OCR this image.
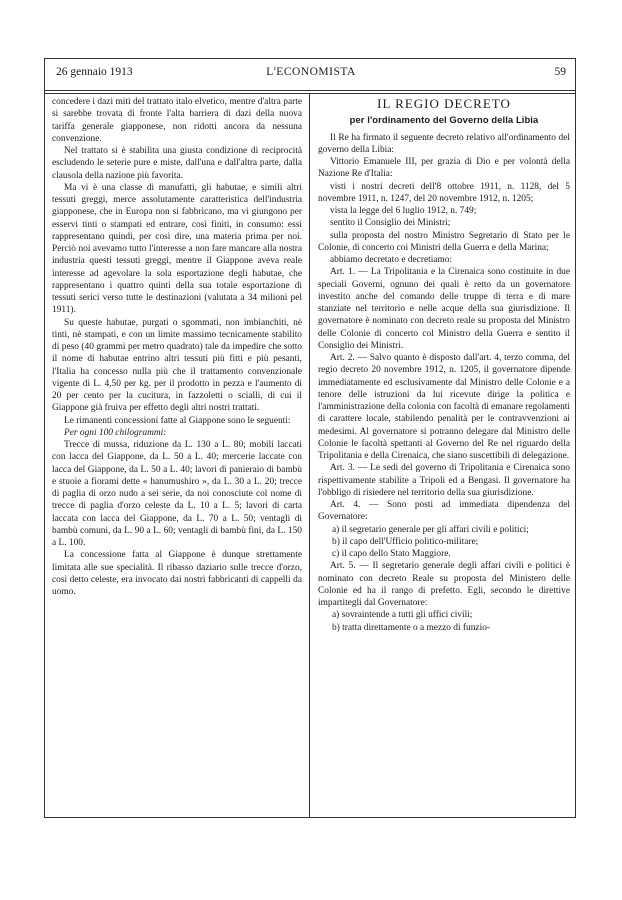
26 gennaio 1913	L'ECONOMISTA	59

concedere i dazi miti del trattato italo elvetico, mentre d'altra parte si sarebbe trovata di fronte l'alta barriera di dazi della nuova tariffa generale giapponese, non ridotti ancora da nessuna convenzione.

Nel trattato si è stabilita una giusta condizione di reciprocità escludendo le seterie pure e miste, dall'una e dall'altra parte, dalla clausola della nazione più favorita.

Ma vi è una classe di manufatti, gli habutae, e simili altri tessuti greggi, merce assolutamente caratteristica dell'industria giapponese, che in Europa non si fabbricano, ma vi giungono per esservi tinti o stampati ed entrare, così finiti, in consumo: essi rappresentano quindi, per così dire, una materia prima per noi. Perciò noi avevamo tutto l'interesse a non fare mancare alla nostra industria questi tessuti greggi, mentre il Giappone aveva reale interesse ad agevolare la sola esportazione degli habutae, che rappresentano i quattro quinti della sua totale esportazione di tessuti serici verso tutte le destinazioni (valutata a 34 milioni pel 1911).

Su queste habutae, purgati o sgommati, non imbianchiti, nè tinti, nè stampati, e con un limite massimo tecnicamente stabilito di peso (40 grammi per metro quadrato) tale da impedire che sotto il nome di habutae entrino altri tessuti più fitti e più pesanti, l'Italia ha concesso nulla più che il trattamento convenzionale vigente di L. 4,50 per kg. per il prodotto in pezza e l'aumento di 20 per cento per la cucitura, in fazzoletti o scialli, di cui il Giappone già fruiva per effetto degli altri nostri trattati.

Le rimanenti concessioni fatte al Giappone sono le seguenti:

Per ogni 100 chilogrammi:

Trecce di mussa, riduzione da L. 130 a L. 80; mobili laccati con lacca del Giappone, da L. 50 a L. 40; mercerie laccate con lacca del Giappone, da L. 50 a L. 40; lavori di panieraio di bambù e stuoie a fiorami dette « hanumushiro », da L. 30 a L. 20; trecce di paglia di orzo nudo a sei serie, da noi conosciute col nome di trecce di paglia d'orzo celeste da L. 10 a L. 5; lavori di carta laccata con lacca del Giappone, da L. 70 a L. 50; ventagli di bambù comuni, da L. 90 a L. 60; ventagli di bambù fini, da L. 150 a L. 100.

La concessione fatta al Giappone è dunque strettamente limitata alle sue specialità. Il ribasso daziario sulle trecce d'orzo, così detto celeste, era invocato dai nostri fabbricanti di cappelli da uomo.

IL REGIO DECRETO
per l'ordinamento del Governo della Libia

Il Re ha firmato il seguente decreto relativo all'ordinamento del governo della Libia:

Vittorio Emanuele III, per grazia di Dio e per volontà della Nazione Re d'Italia:

visti i nostri decreti dell'8 ottobre 1911, n. 1128, del 5 novembre 1911, n. 1247, del 20 novembre 1912, n. 1205;

vista la legge del 6 luglio 1912, n. 749;

sentito il Consiglio dei Ministri;

sulla proposta del nostro Ministro Segretario di Stato per le Colonie, di concerto coi Ministri della Guerra e della Marina;

abbiamo decretato e decretiamo:

Art. 1. — La Tripolitania e la Cirenaica sono costituite in due speciali Governi, ognuno dei quali è retto da un governatore investito anche del comando delle truppe di terra e di mare stanziate nel territorio e nelle acque della sua giurisdizione. Il governatore è nominato con decreto reale su proposta del Ministro delle Colonie di concerto col Ministro della Guerra e sentito il Consiglio dei Ministri.

Art. 2. — Salvo quanto è disposto dall'art. 4, terzo comma, del regio decreto 20 novembre 1912, n. 1205, il governatore dipende immediatamente ed esclusivamente dal Ministro delle Colonie e a tenore delle istruzioni da lui ricevute dirige la politica e l'amministrazione della colonia con facoltà di emanare regolamenti di carattere locale, stabilendo penalità per le contravvenzioni ai medesimi. Al governatore si potranno delegare dal Ministro delle Colonie le facoltà spettanti al Governo del Re nel riguardo della Tripolitania e della Cirenaica, che siano suscettibili di delegazione.

Art. 3. — Le sedi del governo di Tripolitania e Cirenaica sono rispettivamente stabilite a Tripoli ed a Bengasi. Il governatore ha l'obbligo di risiedere nel territorio della sua giurisdizione.

Art. 4. — Sono posti ad immediata dipendenza del Governatore:

a) il segretario generale per gli affari civili e politici;

b) il capo dell'Ufficio politico-militare;

c) il capo dello Stato Maggiore.

Art. 5. — Il segretario generale degli affari civili e politici è nominato con decreto Reale su proposta del Ministero delle Colonie ed ha il rango di prefetto. Egli, secondo le direttive impartitegli dal Governatore:

a) sovraintende a tutti gli uffici civili;

b) tratta direttamente o a mezzo di funzio-
